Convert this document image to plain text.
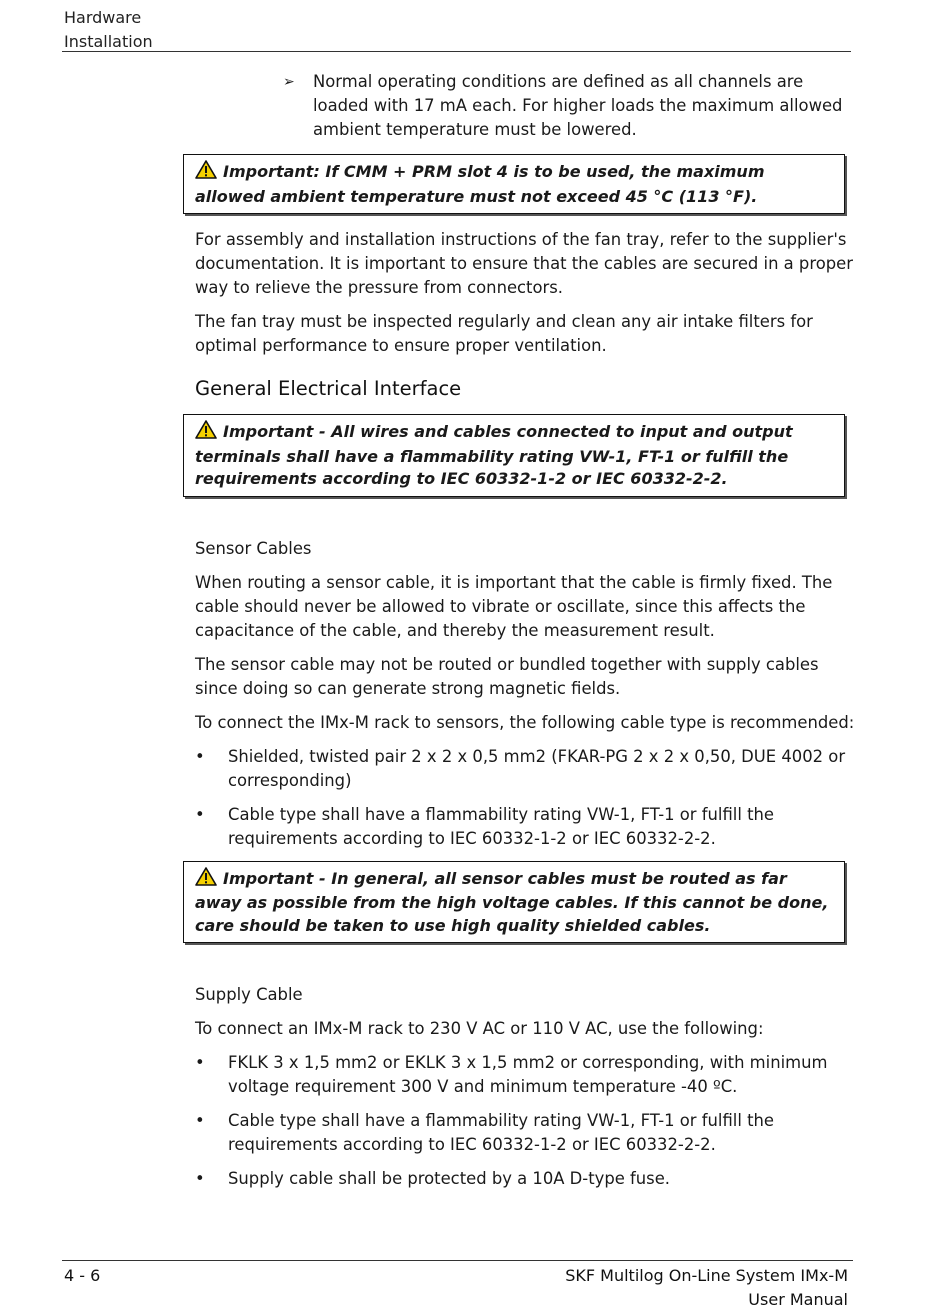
Hardware
Installation
➢ Normal operating conditions are defined as all channels are loaded with 17 mA each. For higher loads the maximum allowed ambient temperature must be lowered.
Important: If CMM + PRM slot 4 is to be used, the maximum allowed ambient temperature must not exceed 45 °C (113 °F).

For assembly and installation instructions of the fan tray, refer to the supplier's documentation. It is important to ensure that the cables are secured in a proper way to relieve the pressure from connectors.

The fan tray must be inspected regularly and clean any air intake filters for optimal performance to ensure proper ventilation.

General Electrical Interface
Important - All wires and cables connected to input and output terminals shall have a flammability rating VW-1, FT-1 or fulfill the requirements according to IEC 60332-1-2 or IEC 60332-2-2.
Sensor Cables

When routing a sensor cable, it is important that the cable is firmly fixed. The cable should never be allowed to vibrate or oscillate, since this affects the capacitance of the cable, and thereby the measurement result.

The sensor cable may not be routed or bundled together with supply cables since doing so can generate strong magnetic fields.

To connect the IMx-M rack to sensors, the following cable type is recommended:

• Shielded, twisted pair 2 x 2 x 0,5 mm2 (FKAR-PG 2 x 2 x 0,50, DUE 4002 or corresponding)
• Cable type shall have a flammability rating VW-1, FT-1 or fulfill the requirements according to IEC 60332-1-2 or IEC 60332-2-2.
Important - In general, all sensor cables must be routed as far away as possible from the high voltage cables. If this cannot be done, care should be taken to use high quality shielded cables.
Supply Cable

To connect an IMx-M rack to 230 V AC or 110 V AC, use the following:

• FKLK 3 x 1,5 mm2 or EKLK 3 x 1,5 mm2 or corresponding, with minimum voltage requirement 300 V and minimum temperature -40 ºC.
• Cable type shall have a flammability rating VW-1, FT-1 or fulfill the requirements according to IEC 60332-1-2 or IEC 60332-2-2.
• Supply cable shall be protected by a 10A D-type fuse.
4 - 6	SKF Multilog On-Line System IMx-M
User Manual
